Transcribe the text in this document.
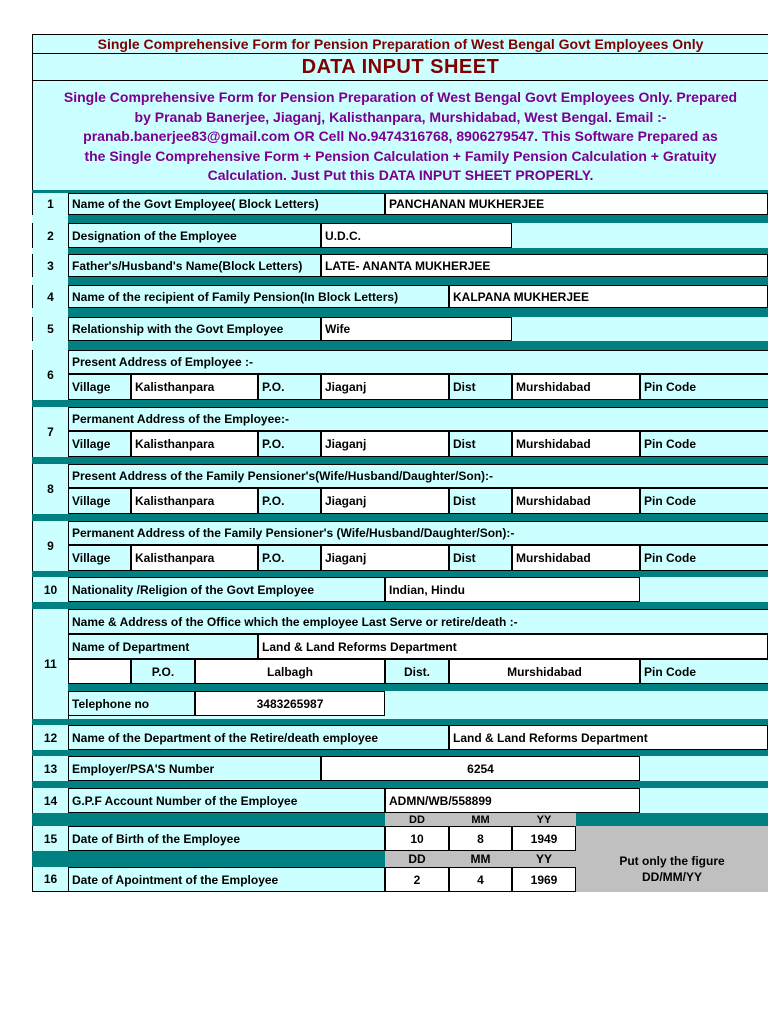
Single Comprehensive Form for Pension Preparation of West Bengal Govt Employees Only
DATA INPUT SHEET
Single Comprehensive Form for Pension Preparation of West Bengal Govt Employees Only. Prepared
by Pranab Banerjee, Jiaganj, Kalisthanpara, Murshidabad, West Bengal. Email :-
pranab.banerjee83@gmail.com OR Cell No.9474316768, 8906279547. This Software Prepared as
the Single Comprehensive Form + Pension Calculation + Family Pension Calculation + Gratuity
Calculation. Just Put this DATA INPUT SHEET PROPERLY.
1	Name of the Govt Employee( Block Letters)	PANCHANAN MUKHERJEE
2	Designation of the Employee	U.D.C.
3	Father's/Husband's Name(Block Letters)	LATE- ANANTA MUKHERJEE
4	Name of the recipient of Family Pension(In Block Letters)	KALPANA MUKHERJEE
5	Relationship with the Govt Employee	Wife
6
Present Address of Employee :-
Village	Kalisthanpara	P.O.	Jiaganj	Dist	Murshidabad	Pin Code
7
Permanent Address of the Employee:-
Village	Kalisthanpara	P.O.	Jiaganj	Dist	Murshidabad	Pin Code
8
Present Address of the Family Pensioner's(Wife/Husband/Daughter/Son):-
Village	Kalisthanpara	P.O.	Jiaganj	Dist	Murshidabad	Pin Code
9
Permanent Address of the Family Pensioner's (Wife/Husband/Daughter/Son):-
Village	Kalisthanpara	P.O.	Jiaganj	Dist	Murshidabad	Pin Code
10	Nationality /Religion of the Govt Employee	Indian, Hindu
11
Name & Address of the Office which the employee Last Serve or retire/death :-
Name of Department	Land & Land Reforms Department
P.O.	Lalbagh	Dist.	Murshidabad	Pin Code
Telephone no	3483265987
12	Name of the Department of the Retire/death employee	Land & Land Reforms Department
13	Employer/PSA'S Number	6254
14	G.P.F Account Number of the Employee	ADMN/WB/558899
DD	MM	YY
15	Date of Birth of the Employee	10	8	1949
DD	MM	YY
16	Date of Apointment of the Employee	2	4	1969
Put only the figure
DD/MM/YY
